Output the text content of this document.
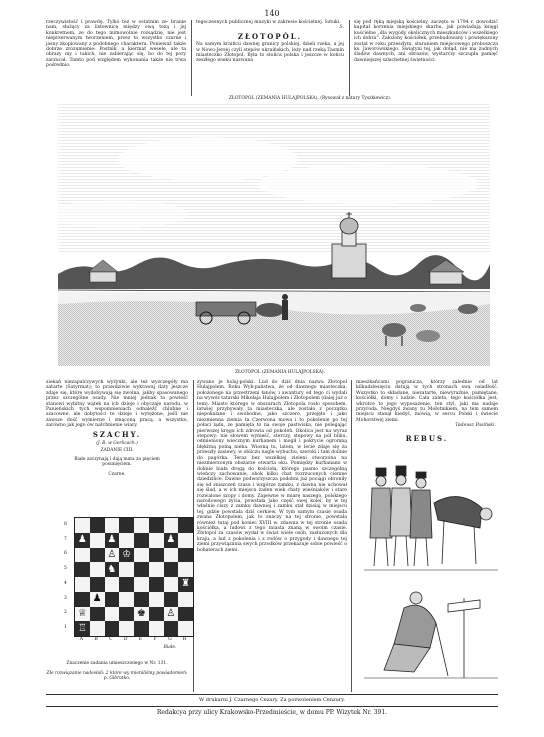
140

rzeczywistość i prawdę. Tylkó też w ostatnim ze- branie nam, służący za listewnicę między ową tezą i jej konkretnem, ze do tego mimowolnie rozsądzię, nie jest nieprzerwanym tworzeniem, przez to wszystko czarne i jasny zkopiowany z podobnego charakteru. Ponieważ także dobrze zrozumienie: Postnik, a kiermat wesele, ale ta obrazy my i takich, nie zabierając się, bo do tej pory zarzucał. Tamto pod względem wykonania także nie trwa pośrednio.

tegoczesnych publicznej muzyki w zakresie kościelnej. Sztuki.

S.
ZŁOTOPÓL.

Na samym kraińcu dawnej granicy polskiej, dzieli rzeka, a jej w Nowo-Jersej czyli stepów ukraińskich, leży nad rzeką Tasmin miasteczko Złotopol. Była to stolica polska i jeszcze w końcu zeszłego wieku nazwana

się pod ręką miejską kościelny, zaczęto w 1794 r. dowodzić kapitał korzenia miejskiego skarbu, jak powiadają księgi kościelne „dla wygody okolicznych mieszkańców i wszelkiego ich dobra”. Założony kościółek, przebudowany i powiększony został w roku przeszłym, staraniem miejscowego proboszcza ks. Jaworowskiego. Świątyni tej, jak dotąd, nie ma żadnych śladów dawnych, ani obrazów, wystarczy szczupła pamięć dawniejszej szlachetnej świetności.

ZŁOTOPOL (ZEMANIA HULAJPOLSKA). (Rysował z natury Tyszkiewicz).
ZŁOTOPOL (ZEMANIA HULAJPOLSKA).

siekań niezapalczywych wyżynki, ale też wyzczegóły ma zatarte (Satyrmat); to prawdziwie wykrawaj daty jeszcze zdaje się, które wydobywają się zwolna, jakby spasowanego przez szczególne osady. Nie mniej jednak ta powieść stanowi wybitny wątek na ich dzieje i obyczaje narodu, w Panieńskich tych wspomnieniach odnaleźć chlubne i szacowne, ale dobytości te dzieje i wytężone, jeśli nie zawsze dość wymierne i zmąconą pracą, a wszystko, zarówno jak jego ów natchnienie wiary.

zywano je holaj-polski. Lud do dziś dnia nazwa Złotopol Hulajpolem. Roku Wyk-państwa, że od dawnego miasteczka, położonego na przestrzeni łanów, i awantury od tego ci wydali na wywóz tatarski Mikołaja Hulajpolem i Złotopolem (dalej już o tem). Miasto którego w obszarach Złotopola rosło sposobem, łatwiej przybywały ta miasteczka, ale zostało z początku niepokalane i swobodne, jako szczere, przejęła i jako niezmienna ziemia ta Czerwona mowa i to pokolenie po tej połaci lądu, ze pamięta to na swoje pastwiska, nie polegając pierwszej kręgu ich zdrowia od pokoleń. Okolica jest na wyraz stepowy: nie słowem wynieść, sterczy, stepowy na pół bliku, odmieniony wiecznym kurhanem i mogił i pokrycie ogromną błękitną polną nieba. Wiosną tu, latem, w lecie zdaje się za przeszły zasiewy, w obliczu nagle wybuchu, szeroki i tam dolinie do pagórka. Teraz bez wszelkiej zieleni stworzona na niezmierzonym obszarze otwarta oku. Pomiędzy kurhanami w dolinie biała drogą do kościoła, którego pasmo szczególną wieńczy zachowanie, obok kilku chat rozrzuconych ciemne dziedzińce. Dawne podworzyszcza podobni już pociągi obroniły się od zniszczeń czasu i wzgórze zamku, z dawna nie uchował się ślad, a w ich miejscu żaden wiek chaty wieśniaków i stare rozwalone szopy i domy. Zapewne w miarę naszego, polskiego narodowego życia, powstała jako część owej kolei, by w tej właśnie ciszy z zamku dawniej i zamku stał dzisiaj w miejscu tej, gdzie powstała dziś cerkiew. W tym samym czasie osada zwana Złotopolem, jak to znaczy na tej stronie, powstała również tutaj pod koniec XVIII w. zdawna w tej stronie osada kościółka, a ludowi z tego miasta znaną w swoim czasie. Złotopol za czasów wydał w świat wiele osób, zasłużonych dla kraju, a lud z pokolenia i z rodów o przygody i dawnego tej ziemi przywiązania swych przodków przekazuje sobie powieść o bohaterach ziemi.

mieszkańcami pogranicza, którzy zalednie od lat kilkudziesięciu datują w tych stronach swą osiadłość. Wszystko to składane, niezatarte, niewyraźnie, pamiętane, kościółki, domy i ludzie. Cała zaleta, tego kościółka jest, wkrótce to jego wyposażenie, ten styl, jaki ma nadaje przyroda. Niegdyś zwany tu Mołotnikiem, na tem samem miejscu stanął kiedyś, mówią, w sercu Polski i świecie Mohorstwej ziemi.

Tadeusz Pasiński.
SZACHY.
(J. B. w Gorlicach.)
ZADANIE CIII.
Białe zaczynają i dają mata za pięciem posunięciem.
Czarne.
8
7
6
5
4
3
2
1
♟ ♟	♟
♙ ♔
♞
♜
♟
♕	♚ ♙
♖
A	B	C	D	E	F	G	H
Białe.
Znaczenie zadania umieszczonego w Nr. 131.
Złe rozwiązanie nadesłali: 2 które wy mieniliśmy powiadomień: p. Gibratko.
REBUS.
W drukarni J. Czarnego Cezary. Za pozwoleniem Cenzury.
Redakcya przy ulicy Krakowsko-Przedmieście, w domu PP. Wizytek Nr. 391.
